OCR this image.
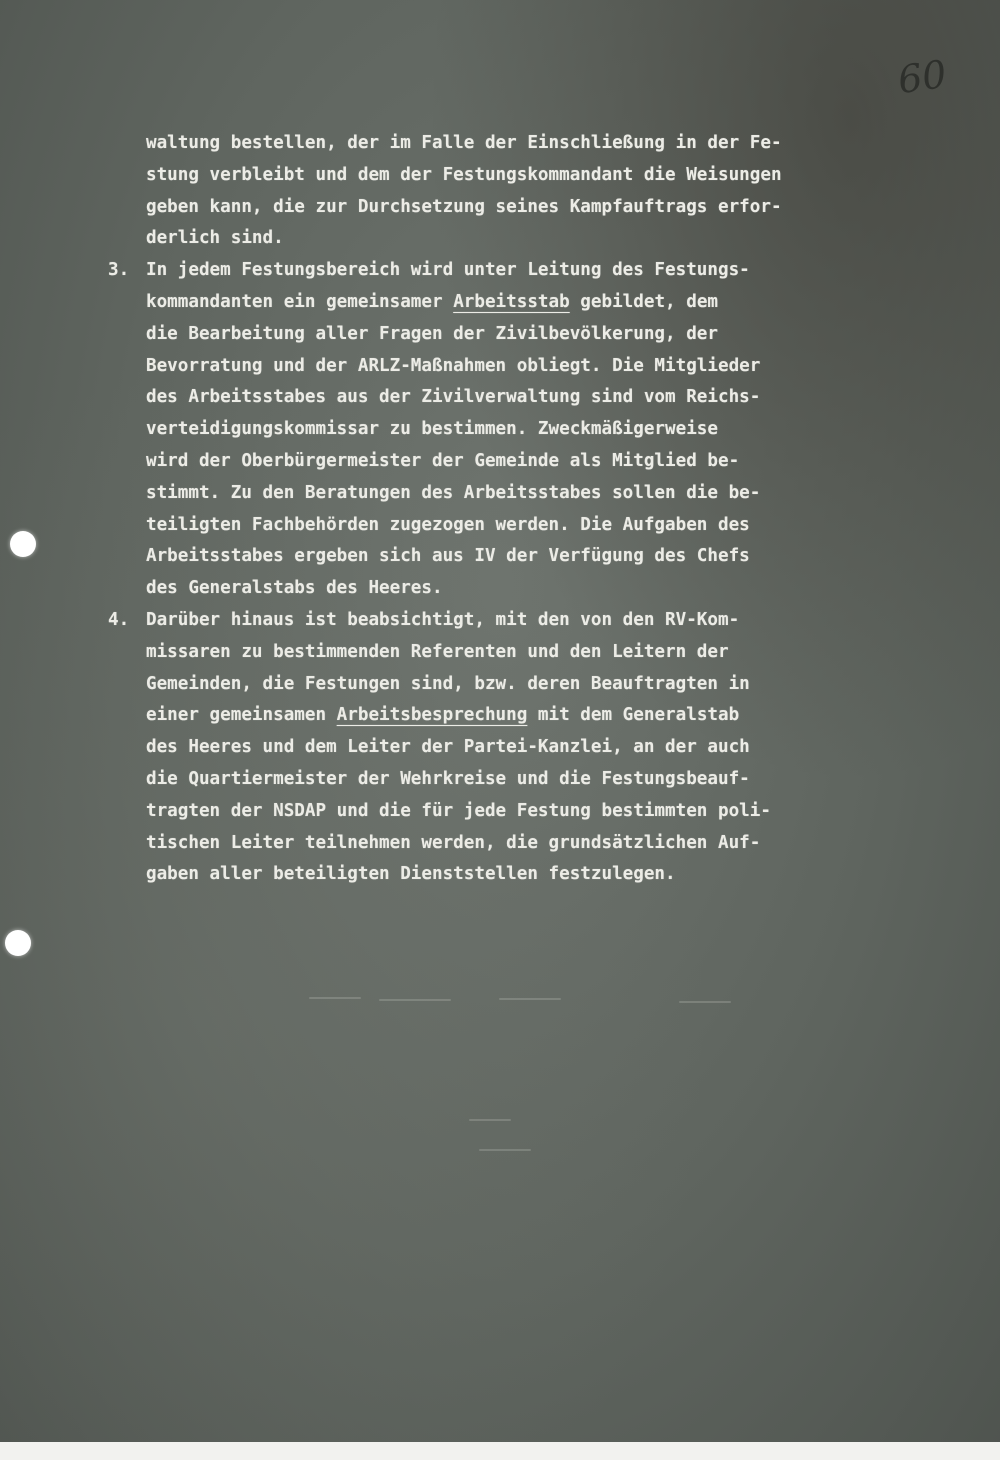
60
waltung bestellen, der im Falle der Einschließung in der Fe-
stung verbleibt und dem der Festungskommandant die Weisungen
geben kann, die zur Durchsetzung seines Kampfauftrags erfor-
derlich sind.
3. In jedem Festungsbereich wird unter Leitung des Festungs-
kommandanten ein gemeinsamer Arbeitsstab gebildet, dem
die Bearbeitung aller Fragen der Zivilbevölkerung, der
Bevorratung und der ARLZ-Maßnahmen obliegt. Die Mitglieder
des Arbeitsstabes aus der Zivilverwaltung sind vom Reichs-
verteidigungskommissar zu bestimmen. Zweckmäßigerweise
wird der Oberbürgermeister der Gemeinde als Mitglied be-
stimmt. Zu den Beratungen des Arbeitsstabes sollen die be-
teiligten Fachbehörden zugezogen werden. Die Aufgaben des
Arbeitsstabes ergeben sich aus IV der Verfügung des Chefs
des Generalstabs des Heeres.
4. Darüber hinaus ist beabsichtigt, mit den von den RV-Kom-
missaren zu bestimmenden Referenten und den Leitern der
Gemeinden, die Festungen sind, bzw. deren Beauftragten in
einer gemeinsamen Arbeitsbesprechung mit dem Generalstab
des Heeres und dem Leiter der Partei-Kanzlei, an der auch
die Quartiermeister der Wehrkreise und die Festungsbeauf-
tragten der NSDAP und die für jede Festung bestimmten poli-
tischen Leiter teilnehmen werden, die grundsätzlichen Auf-
gaben aller beteiligten Dienststellen festzulegen.
